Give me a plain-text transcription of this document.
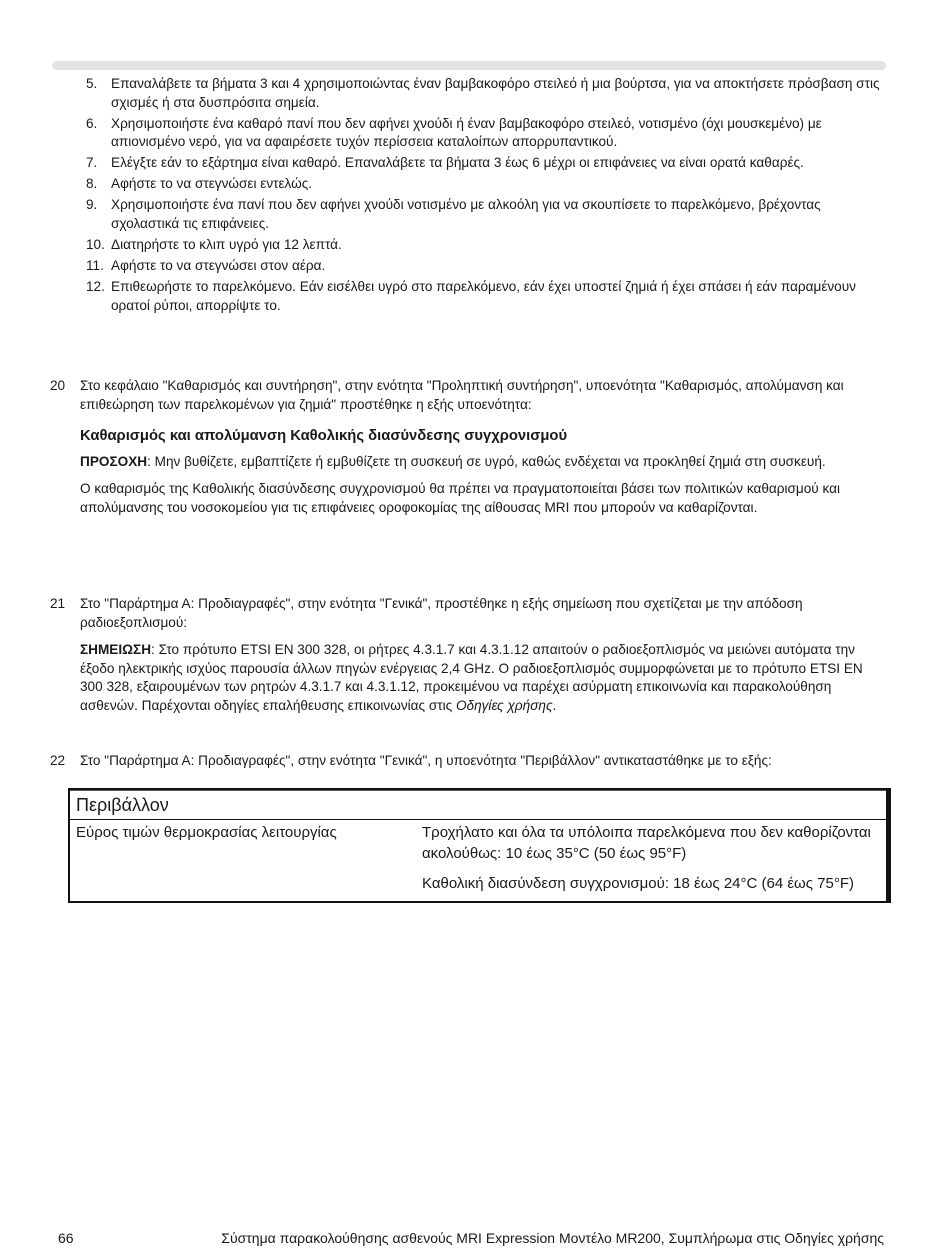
5. Επαναλάβετε τα βήματα 3 και 4 χρησιμοποιώντας έναν βαμβακοφόρο στειλεό ή μια βούρτσα, για να αποκτήσετε πρόσβαση στις σχισμές ή στα δυσπρόσιτα σημεία.
6. Χρησιμοποιήστε ένα καθαρό πανί που δεν αφήνει χνούδι ή έναν βαμβακοφόρο στειλεό, νοτισμένο (όχι μουσκεμένο) με απιονισμένο νερό, για να αφαιρέσετε τυχόν περίσσεια καταλοίπων απορρυπαντικού.
7. Ελέγξτε εάν το εξάρτημα είναι καθαρό. Επαναλάβετε τα βήματα 3 έως 6 μέχρι οι επιφάνειες να είναι ορατά καθαρές.
8. Αφήστε το να στεγνώσει εντελώς.
9. Χρησιμοποιήστε ένα πανί που δεν αφήνει χνούδι νοτισμένο με αλκοόλη για να σκουπίσετε το παρελκόμενο, βρέχοντας σχολαστικά τις επιφάνειες.
10. Διατηρήστε το κλιπ υγρό για 12 λεπτά.
11. Αφήστε το να στεγνώσει στον αέρα.
12. Επιθεωρήστε το παρελκόμενο. Εάν εισέλθει υγρό στο παρελκόμενο, εάν έχει υποστεί ζημιά ή έχει σπάσει ή εάν παραμένουν ορατοί ρύποι, απορρίψτε το.
20 Στο κεφάλαιο "Καθαρισμός και συντήρηση", στην ενότητα "Προληπτική συντήρηση", υποενότητα "Καθαρισμός, απολύμανση και επιθεώρηση των παρελκομένων για ζημιά" προστέθηκε η εξής υποενότητα:
Καθαρισμός και απολύμανση Καθολικής διασύνδεσης συγχρονισμού
ΠΡΟΣΟΧΗ: Μην βυθίζετε, εμβαπτίζετε ή εμβυθίζετε τη συσκευή σε υγρό, καθώς ενδέχεται να προκληθεί ζημιά στη συσκευή.
Ο καθαρισμός της Καθολικής διασύνδεσης συγχρονισμού θα πρέπει να πραγματοποιείται βάσει των πολιτικών καθαρισμού και απολύμανσης του νοσοκομείου για τις επιφάνειες οροφοκομίας της αίθουσας MRI που μπορούν να καθαρίζονται.
21 Στο "Παράρτημα Α: Προδιαγραφές", στην ενότητα "Γενικά", προστέθηκε η εξής σημείωση που σχετίζεται με την απόδοση ραδιοεξοπλισμού:
ΣΗΜΕΙΩΣΗ: Στο πρότυπο ETSI EN 300 328, οι ρήτρες 4.3.1.7 και 4.3.1.12 απαιτούν ο ραδιοεξοπλισμός να μειώνει αυτόματα την έξοδο ηλεκτρικής ισχύος παρουσία άλλων πηγών ενέργειας 2,4 GHz. Ο ραδιοεξοπλισμός συμμορφώνεται με το πρότυπο ETSI EN 300 328, εξαιρουμένων των ρητρών 4.3.1.7 και 4.3.1.12, προκειμένου να παρέχει ασύρματη επικοινωνία και παρακολούθηση ασθενών. Παρέχονται οδηγίες επαλήθευσης επικοινωνίας στις Οδηγίες χρήσης.
22 Στο "Παράρτημα Α: Προδιαγραφές", στην ενότητα "Γενικά", η υποενότητα "Περιβάλλον" αντικαταστάθηκε με το εξής:
Περιβάλλον
Εύρος τιμών θερμοκρασίας λειτουργίας	Τροχήλατο και όλα τα υπόλοιπα παρελκόμενα που δεν καθορίζονται ακολούθως: 10 έως 35°C (50 έως 95°F)

Καθολική διασύνδεση συγχρονισμού: 18 έως 24°C (64 έως 75°F)

66	Σύστημα παρακολούθησης ασθενούς MRI Expression Μοντέλο MR200, Συμπλήρωμα στις Οδηγίες χρήσης
